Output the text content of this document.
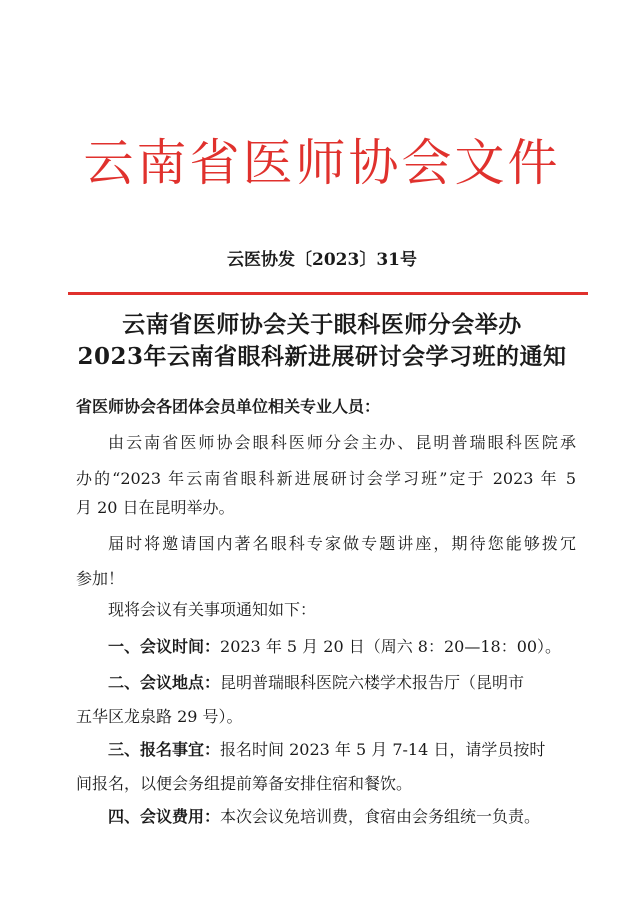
云南省医师协会文件
云医协发〔2023〕31号
云南省医师协会关于眼科医师分会举办
2023年云南省眼科新进展研讨会学习班的通知
省医师协会各团体会员单位相关专业人员：
由云南省医师协会眼科医师分会主办、昆明普瑞眼科医院承
办的“2023 年云南省眼科新进展研讨会学习班”定于 2023 年 5
月 20 日在昆明举办。
届时将邀请国内著名眼科专家做专题讲座，期待您能够拨冗
参加！
现将会议有关事项通知如下：
一、会议时间：2023 年 5 月 20 日（周六 8：20—18：00）。
二、会议地点：昆明普瑞眼科医院六楼学术报告厅（昆明市
五华区龙泉路 29 号）。
三、报名事宜：报名时间 2023 年 5 月 7-14 日，请学员按时
间报名，以便会务组提前筹备安排住宿和餐饮。
四、会议费用：本次会议免培训费，食宿由会务组统一负责。
